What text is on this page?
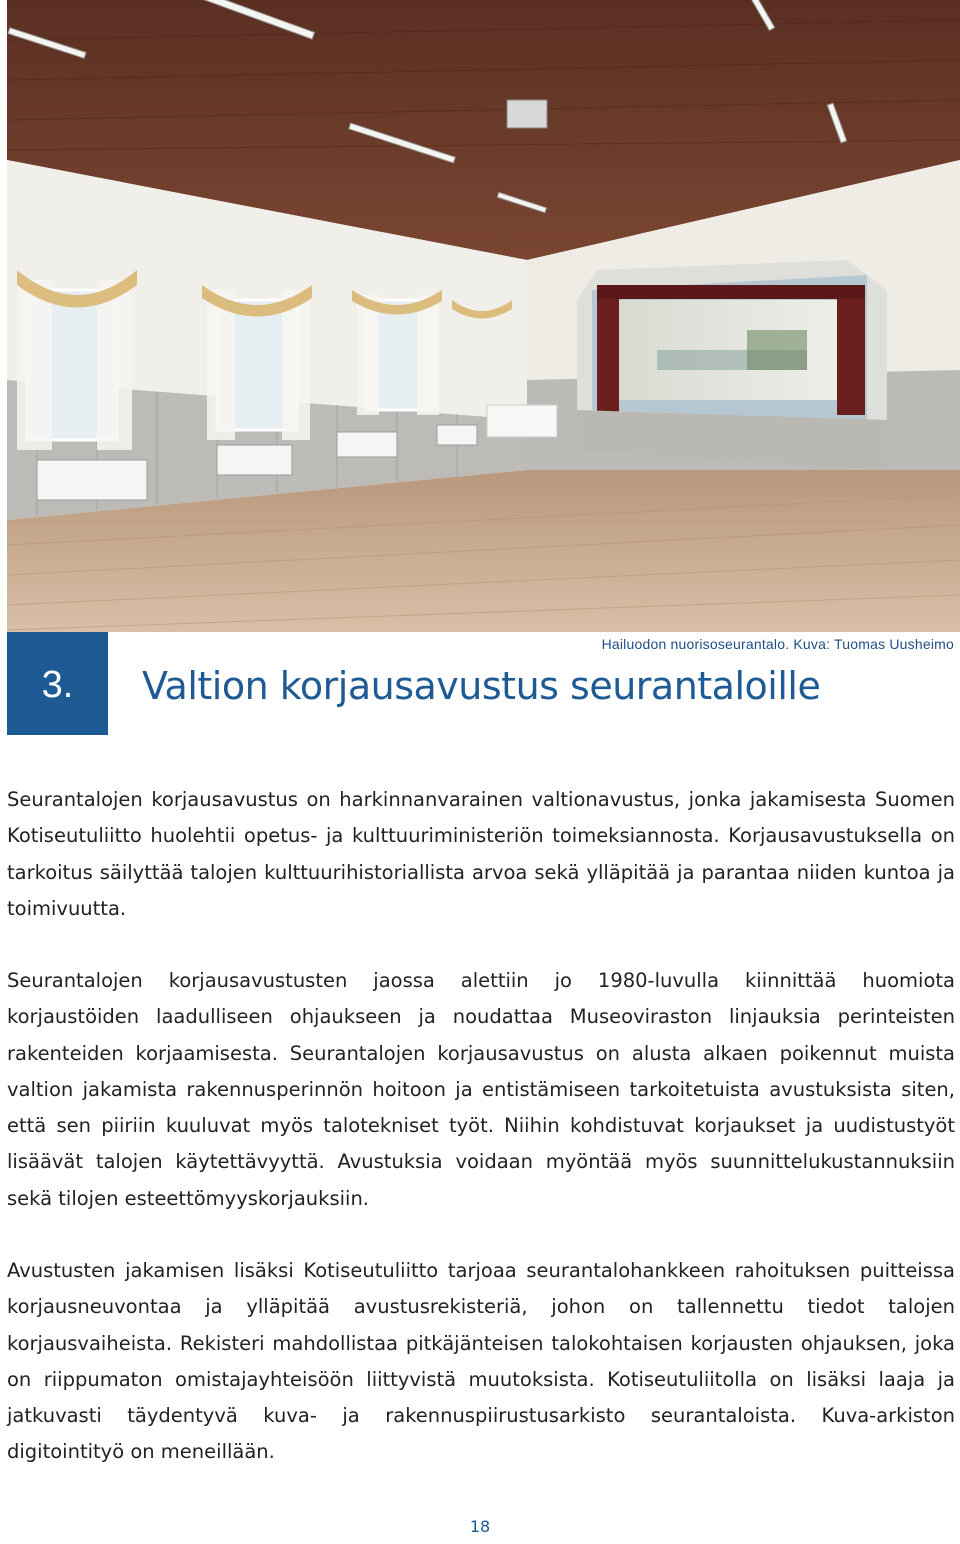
Hailuodon nuorisoseurantalo. Kuva: Tuomas Uusheimo
3.	Valtion korjausavustus seurantaloille

Seurantalojen korjausavustus on harkinnanvarainen valtionavustus, jonka jakamisesta Suomen Kotiseutuliitto huolehtii opetus- ja kulttuuriministeriön toimeksiannosta. Korjausavustuksella on tarkoitus säilyttää talojen kulttuurihistoriallista arvoa sekä ylläpitää ja parantaa niiden kuntoa ja toimivuutta.

Seurantalojen korjausavustusten jaossa alettiin jo 1980-luvulla kiinnittää huomiota korjaustöiden laadulliseen ohjaukseen ja noudattaa Museoviraston linjauksia perinteisten rakenteiden korjaamisesta. Seurantalojen korjausavustus on alusta alkaen poikennut muista valtion jakamista rakennusperinnön hoitoon ja entistämiseen tarkoitetuista avustuksista siten, että sen piiriin kuuluvat myös talotekniset työt. Niihin kohdistuvat korjaukset ja uudistustyöt lisäävät talojen käytettävyyttä. Avustuksia voidaan myöntää myös suunnittelukustannuksiin sekä tilojen esteettömyyskorjauksiin.

Avustusten jakamisen lisäksi Kotiseutuliitto tarjoaa seurantalohankkeen rahoituksen puitteissa korjausneuvontaa ja ylläpitää avustusrekisteriä, johon on tallennettu tiedot talojen korjausvaiheista. Rekisteri mahdollistaa pitkäjänteisen talokohtaisen korjausten ohjauksen, joka on riippumaton omistajayhteisöön liittyvistä muutoksista. Kotiseutuliitolla on lisäksi laaja ja jatkuvasti täydentyvä kuva- ja rakennuspiirustusarkisto seurantaloista. Kuva-arkiston digitointityö on meneillään.

18
